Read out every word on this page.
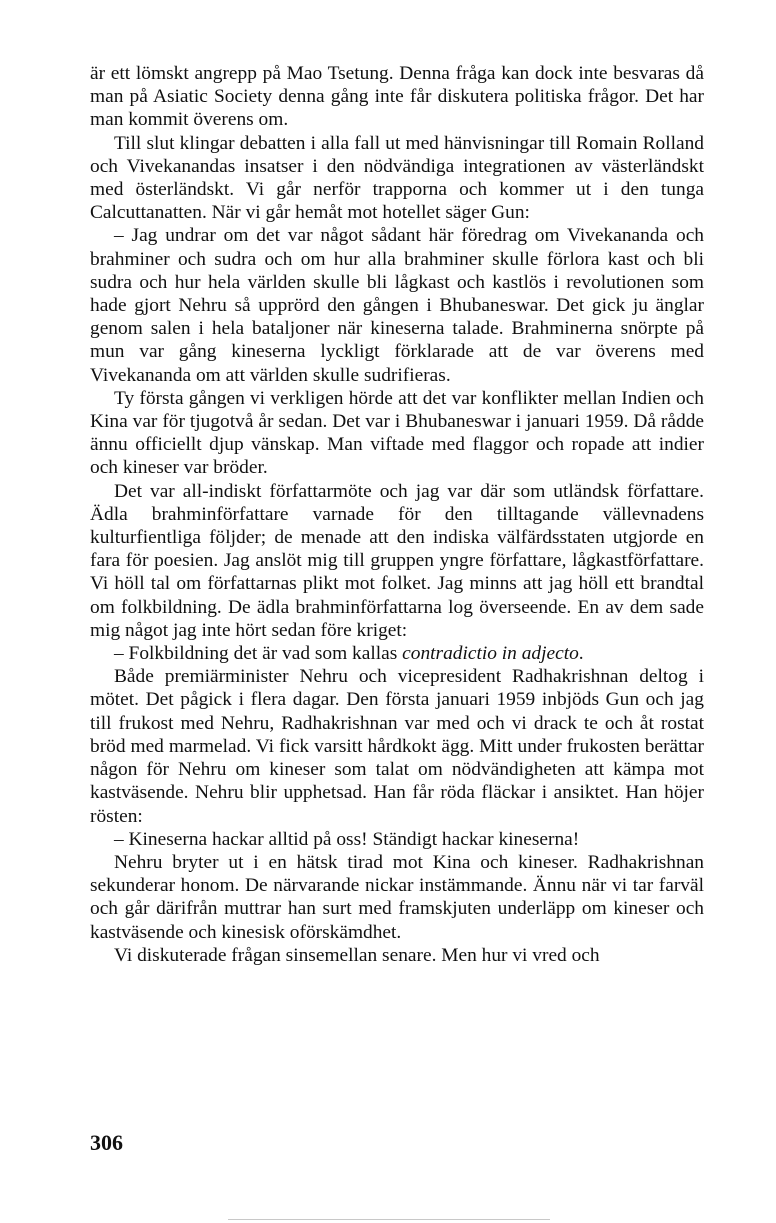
är ett lömskt angrepp på Mao Tsetung. Denna fråga kan dock inte besvaras då man på Asiatic Society denna gång inte får diskutera politiska frågor. Det har man kommit överens om.

Till slut klingar debatten i alla fall ut med hänvisningar till Romain Rolland och Vivekanandas insatser i den nödvändiga integrationen av västerländskt med österländskt. Vi går nerför trapporna och kommer ut i den tunga Calcuttanatten. När vi går hemåt mot hotellet säger Gun:

– Jag undrar om det var något sådant här föredrag om Vivekananda och brahminer och sudra och om hur alla brahminer skulle förlora kast och bli sudra och hur hela världen skulle bli lågkast och kastlös i revolutionen som hade gjort Nehru så upprörd den gången i Bhubaneswar. Det gick ju änglar genom salen i hela bataljoner när kineserna talade. Brahminerna snörpte på mun var gång kineserna lyckligt förklarade att de var överens med Vivekananda om att världen skulle sudrifieras.

Ty första gången vi verkligen hörde att det var konflikter mellan Indien och Kina var för tjugotvå år sedan. Det var i Bhubaneswar i januari 1959. Då rådde ännu officiellt djup vänskap. Man viftade med flaggor och ropade att indier och kineser var bröder.

Det var all-indiskt författarmöte och jag var där som utländsk författare. Ädla brahminförfattare varnade för den tilltagande vällevnadens kulturfientliga följder; de menade att den indiska välfärdsstaten utgjorde en fara för poesien. Jag anslöt mig till gruppen yngre författare, lågkastförfattare. Vi höll tal om författarnas plikt mot folket. Jag minns att jag höll ett brandtal om folkbildning. De ädla brahminförfattarna log överseende. En av dem sade mig något jag inte hört sedan före kriget:

– Folkbildning det är vad som kallas contradictio in adjecto.

Både premiärminister Nehru och vicepresident Radhakrishnan deltog i mötet. Det pågick i flera dagar. Den första januari 1959 inbjöds Gun och jag till frukost med Nehru, Radhakrishnan var med och vi drack te och åt rostat bröd med marmelad. Vi fick varsitt hårdkokt ägg. Mitt under frukosten berättar någon för Nehru om kineser som talat om nödvändigheten att kämpa mot kastväsende. Nehru blir upphetsad. Han får röda fläckar i ansiktet. Han höjer rösten:

– Kineserna hackar alltid på oss! Ständigt hackar kineserna!

Nehru bryter ut i en hätsk tirad mot Kina och kineser. Radhakrishnan sekunderar honom. De närvarande nickar instämmande. Ännu när vi tar farväl och går därifrån muttrar han surt med framskjuten underläpp om kineser och kastväsende och kinesisk oförskämdhet.

Vi diskuterade frågan sinsemellan senare. Men hur vi vred och

306
